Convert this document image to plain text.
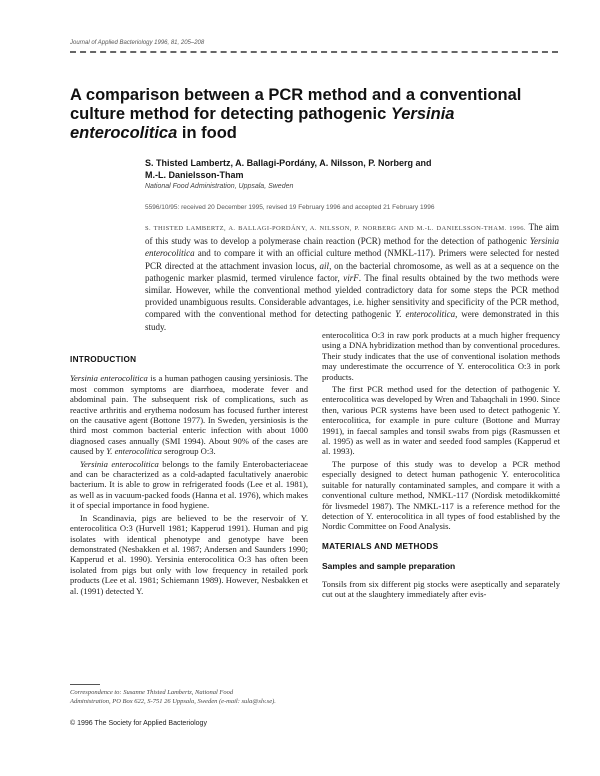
Journal of Applied Bacteriology 1996, 81, 205–208
A comparison between a PCR method and a conventional culture method for detecting pathogenic Yersinia enterocolitica in food
S. Thisted Lambertz, A. Ballagi-Pordány, A. Nilsson, P. Norberg and
M.-L. Danielsson-Tham
National Food Administration, Uppsala, Sweden
5596/10/95: received 20 December 1995, revised 19 February 1996 and accepted 21 February 1996
S. THISTED LAMBERTZ, A. BALLAGI-PORDÁNY, A. NILSSON, P. NORBERG AND M.-L. DANIELSSON-THAM. 1996. The aim of this study was to develop a polymerase chain reaction (PCR) method for the detection of pathogenic Yersinia enterocolitica and to compare it with an official culture method (NMKL-117). Primers were selected for nested PCR directed at the attachment invasion locus, ail, on the bacterial chromosome, as well as at a sequence on the pathogenic marker plasmid, termed virulence factor, virF. The final results obtained by the two methods were similar. However, while the conventional method yielded contradictory data for some steps the PCR method provided unambiguous results. Considerable advantages, i.e. higher sensitivity and specificity of the PCR method, compared with the conventional method for detecting pathogenic Y. enterocolitica, were demonstrated in this study.
INTRODUCTION

Yersinia enterocolitica is a human pathogen causing yersiniosis. The most common symptoms are diarrhoea, moderate fever and abdominal pain. The subsequent risk of complications, such as reactive arthritis and erythema nodosum has focused further interest on the causative agent (Bottone 1977). In Sweden, yersiniosis is the third most common bacterial enteric infection with about 1000 diagnosed cases annually (SMI 1994). About 90% of the cases are caused by Y. enterocolitica serogroup O:3.

Yersinia enterocolitica belongs to the family Enterobacteriaceae and can be characterized as a cold-adapted facultatively anaerobic bacterium. It is able to grow in refrigerated foods (Lee et al. 1981), as well as in vacuum-packed foods (Hanna et al. 1976), which makes it of special importance in food hygiene.

In Scandinavia, pigs are believed to be the reservoir of Y. enterocolitica O:3 (Hurvell 1981; Kapperud 1991). Human and pig isolates with identical phenotype and genotype have been demonstrated (Nesbakken et al. 1987; Andersen and Saunders 1990; Kapperud et al. 1990). Yersinia enterocolitica O:3 has often been isolated from pigs but only with low frequency in retailed pork products (Lee et al. 1981; Schiemann 1989). However, Nesbakken et al. (1991) detected Y.

enterocolitica O:3 in raw pork products at a much higher frequency using a DNA hybridization method than by conventional procedures. Their study indicates that the use of conventional isolation methods may underestimate the occurrence of Y. enterocolitica O:3 in pork products.

The first PCR method used for the detection of pathogenic Y. enterocolitica was developed by Wren and Tabaqchali in 1990. Since then, various PCR systems have been used to detect pathogenic Y. enterocolitica, for example in pure culture (Bottone and Murray 1991), in faecal samples and tonsil swabs from pigs (Rasmussen et al. 1995) as well as in water and seeded food samples (Kapperud et al. 1993).

The purpose of this study was to develop a PCR method especially designed to detect human pathogenic Y. enterocolitica suitable for naturally contaminated samples, and compare it with a conventional culture method, NMKL-117 (Nordisk metodikkomitté för livsmedel 1987). The NMKL-117 is a reference method for the detection of Y. enterocolitica in all types of food established by the Nordic Committee on Food Analysis.

MATERIALS AND METHODS
Samples and sample preparation

Tonsils from six different pig stocks were aseptically and separately cut out at the slaughtery immediately after evis-

Correspondence to: Susanne Thisted Lambertz, National Food
Administration, PO Box 622, S-751 26 Uppsala, Sweden (e-mail: sula@slv.se).
© 1996 The Society for Applied Bacteriology
